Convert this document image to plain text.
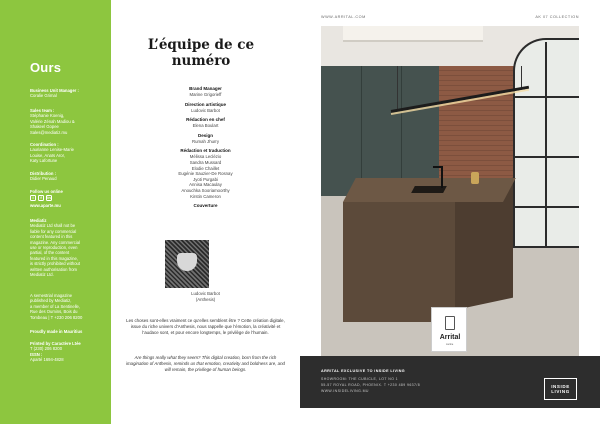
Ours
Business Unit Manager :
Coralie Grimal
Sales team :
Stéphanie Koenig,
Valérie Zénah Madiou &
Shakeel Gopee
Sales@mediatiz.mu
Coordination :
Laurianne Lenise-Marie
Louise, Anaïs Aror,
Katy Lafortune
Distribution :
Didier Penaud
Follow us online
i	f	in
www.aparte.mu
Mediatiz
Mediatiz Ltd shall not be
liable for any commercial
content featured in this
magazine. Any commercial
use or reproduction, even
partial, of the content
featured in this magazine,
is strictly prohibited without
written authorisation from
Mediatiz Ltd.
A semestrial magazine
published by Mediatiz,
a member of La Sentinelle,
Rue des Oumins, Bois du
Tombeau | T +230 206 8200
Proudly made in Mauritius
Printed by Caractère Ltée
T (230) 206 8200
ISSN :
Aparté 1694-4828
L’équipe de ce numéro
Brand Manager
Marine Grigorieff
Direction artistique
Ludovic Barbot
Rédaction en chef
Elena Boulart
Design
Rumah Jhurry
Rédaction et traduction
Mélissa Leclézio
Sandra Mussard
Elodie Chaillet
Eugénie Sauzier-De Rosnay
Jyoti Purgabi
Annisa Macaulay
Anouchka Sooriamoorthy
Kirstin Cameron
Couverture
Ludovic Barbot
(Anthesis)
Les choses sont-elles vraiment ce qu’elles semblent être ? Cette création digitale, issue du riche univers d’Anthesis, nous rappelle que l’émotion, la créativité et l’audace sont, et pour encore longtemps, le privilège de l’humain.
Are things really what they seem? This digital creation, born from the rich imagination of Anthesis, reminds us that emotion, creativity and boldness are, and will remain, the privilege of human beings.
WWW.ARRITAL.COM	AK 07 COLLECTION
Arrital
cucine
ARRITAL EXCLUSIVE TO INSIDE LIVING
SHOWROOM: THE CUBICLE, LOT NO 1
55-57 ROYAL ROAD, PHOENIX. T +230 489 9637/8
WWW.INSIDELIVING.MU
INSIDE
LIVING
